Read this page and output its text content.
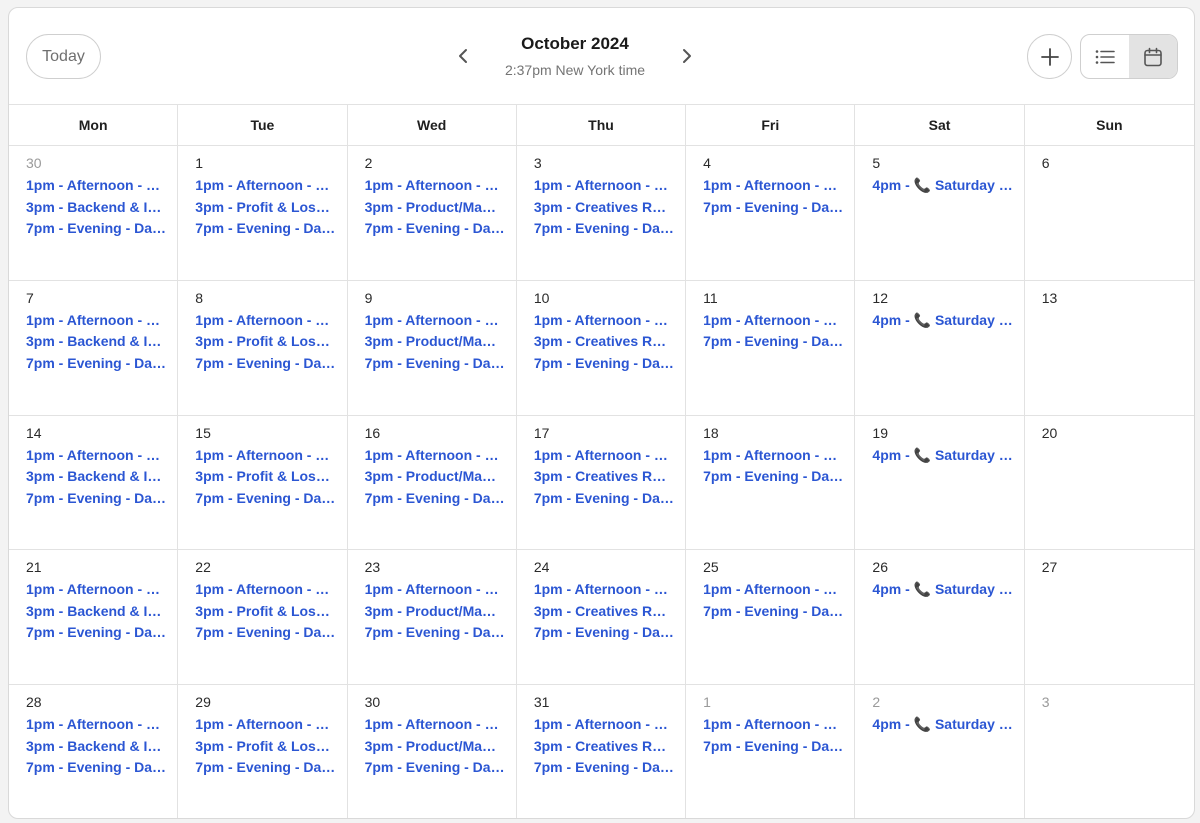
Today
October 2024
2:37pm New York time
Mon	Tue	Wed	Thu	Fri	Sat	Sun
30
1pm - Afternoon - …
3pm - Backend & I…
7pm - Evening - Da…
1
1pm - Afternoon - …
3pm - Profit & Los…
7pm - Evening - Da…
2
1pm - Afternoon - …
3pm - Product/Ma…
7pm - Evening - Da…
3
1pm - Afternoon - …
3pm - Creatives R…
7pm - Evening - Da…
4
1pm - Afternoon - …
7pm - Evening - Da…
5
4pm - 📞 Saturday …
6
7
1pm - Afternoon - …
3pm - Backend & I…
7pm - Evening - Da…
8
1pm - Afternoon - …
3pm - Profit & Los…
7pm - Evening - Da…
9
1pm - Afternoon - …
3pm - Product/Ma…
7pm - Evening - Da…
10
1pm - Afternoon - …
3pm - Creatives R…
7pm - Evening - Da…
11
1pm - Afternoon - …
7pm - Evening - Da…
12
4pm - 📞 Saturday …
13
14
1pm - Afternoon - …
3pm - Backend & I…
7pm - Evening - Da…
15
1pm - Afternoon - …
3pm - Profit & Los…
7pm - Evening - Da…
16
1pm - Afternoon - …
3pm - Product/Ma…
7pm - Evening - Da…
17
1pm - Afternoon - …
3pm - Creatives R…
7pm - Evening - Da…
18
1pm - Afternoon - …
7pm - Evening - Da…
19
4pm - 📞 Saturday …
20
21
1pm - Afternoon - …
3pm - Backend & I…
7pm - Evening - Da…
22
1pm - Afternoon - …
3pm - Profit & Los…
7pm - Evening - Da…
23
1pm - Afternoon - …
3pm - Product/Ma…
7pm - Evening - Da…
24
1pm - Afternoon - …
3pm - Creatives R…
7pm - Evening - Da…
25
1pm - Afternoon - …
7pm - Evening - Da…
26
4pm - 📞 Saturday …
27
28
1pm - Afternoon - …
3pm - Backend & I…
7pm - Evening - Da…
29
1pm - Afternoon - …
3pm - Profit & Los…
7pm - Evening - Da…
30
1pm - Afternoon - …
3pm - Product/Ma…
7pm - Evening - Da…
31
1pm - Afternoon - …
3pm - Creatives R…
7pm - Evening - Da…
1
1pm - Afternoon - …
7pm - Evening - Da…
2
4pm - 📞 Saturday …
3
